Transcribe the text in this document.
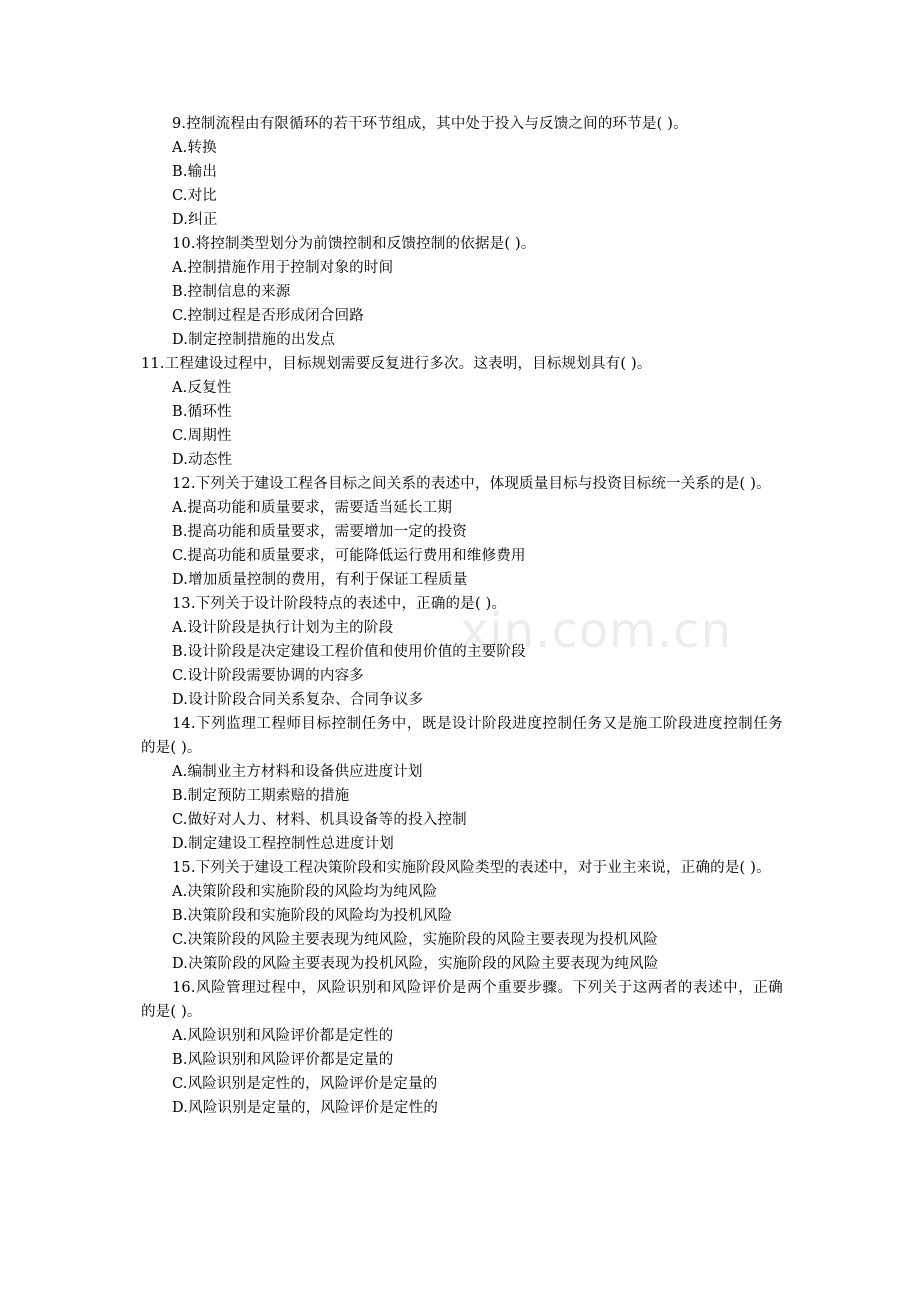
xin.com.cn
9.控制流程由有限循环的若干环节组成，其中处于投入与反馈之间的环节是( )。
A.转换
B.输出
C.对比
D.纠正
10.将控制类型划分为前馈控制和反馈控制的依据是( )。
A.控制措施作用于控制对象的时间
B.控制信息的来源
C.控制过程是否形成闭合回路
D.制定控制措施的出发点
11.工程建设过程中，目标规划需要反复进行多次。这表明，目标规划具有( )。
A.反复性
B.循环性
C.周期性
D.动态性
12.下列关于建设工程各目标之间关系的表述中，体现质量目标与投资目标统一关系的是( )。
A.提高功能和质量要求，需要适当延长工期
B.提高功能和质量要求，需要增加一定的投资
C.提高功能和质量要求，可能降低运行费用和维修费用
D.增加质量控制的费用，有利于保证工程质量
13.下列关于设计阶段特点的表述中，正确的是( )。
A.设计阶段是执行计划为主的阶段
B.设计阶段是决定建设工程价值和使用价值的主要阶段
C.设计阶段需要协调的内容多
D.设计阶段合同关系复杂、合同争议多
14.下列监理工程师目标控制任务中，既是设计阶段进度控制任务又是施工阶段进度控制任务的是( )。
A.编制业主方材料和设备供应进度计划
B.制定预防工期索赔的措施
C.做好对人力、材料、机具设备等的投入控制
D.制定建设工程控制性总进度计划
15.下列关于建设工程决策阶段和实施阶段风险类型的表述中，对于业主来说，正确的是( )。
A.决策阶段和实施阶段的风险均为纯风险
B.决策阶段和实施阶段的风险均为投机风险
C.决策阶段的风险主要表现为纯风险，实施阶段的风险主要表现为投机风险
D.决策阶段的风险主要表现为投机风险，实施阶段的风险主要表现为纯风险
16.风险管理过程中，风险识别和风险评价是两个重要步骤。下列关于这两者的表述中，正确的是( )。
A.风险识别和风险评价都是定性的
B.风险识别和风险评价都是定量的
C.风险识别是定性的，风险评价是定量的
D.风险识别是定量的，风险评价是定性的
